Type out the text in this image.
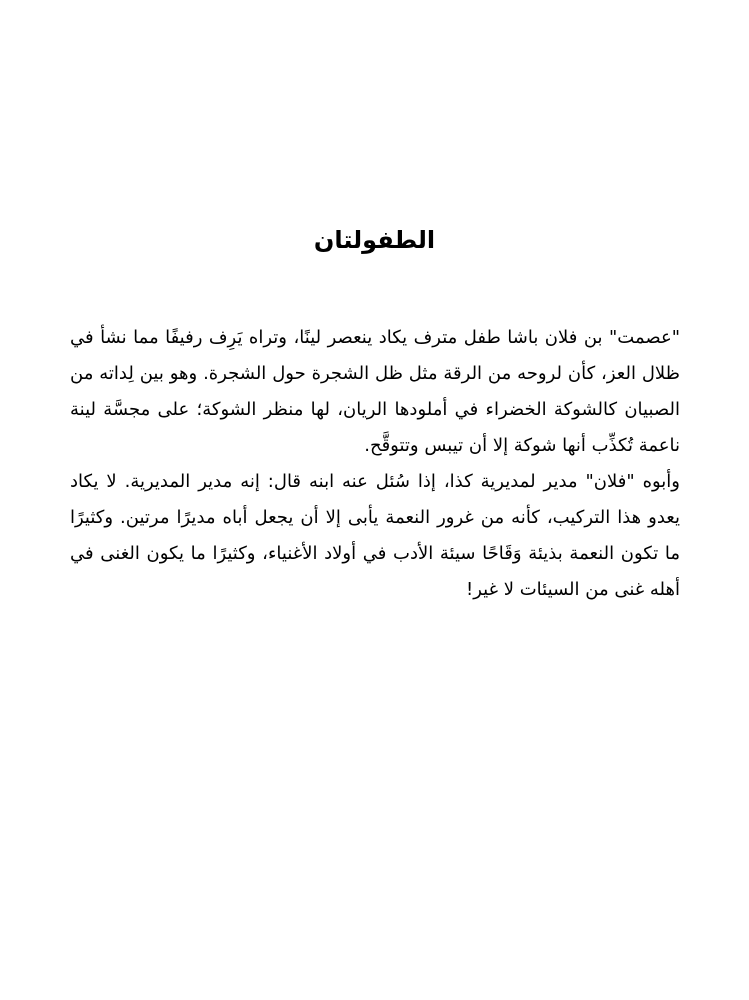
الطفولتان

"عصمت" بن فلان باشا طفل مترف يكاد ينعصر لينًا، وتراه يَرِف رفيفًا مما نشأ في ظلال العز، كأن لروحه من الرقة مثل ظل الشجرة حول الشجرة. وهو بين لِداته من الصبيان كالشوكة الخضراء في أملودها الريان، لها منظر الشوكة؛ على مجسَّة لينة ناعمة تُكذِّب أنها شوكة إلا أن تيبس وتتوقَّح.

وأبوه "فلان" مدير لمديرية كذا، إذا سُئل عنه ابنه قال: إنه مدير المديرية. لا يكاد يعدو هذا التركيب، كأنه من غرور النعمة يأبى إلا أن يجعل أباه مديرًا مرتين. وكثيرًا ما تكون النعمة بذيئة وَقَاحًا سيئة الأدب في أولاد الأغنياء، وكثيرًا ما يكون الغنى في أهله غنى من السيئات لا غير!
